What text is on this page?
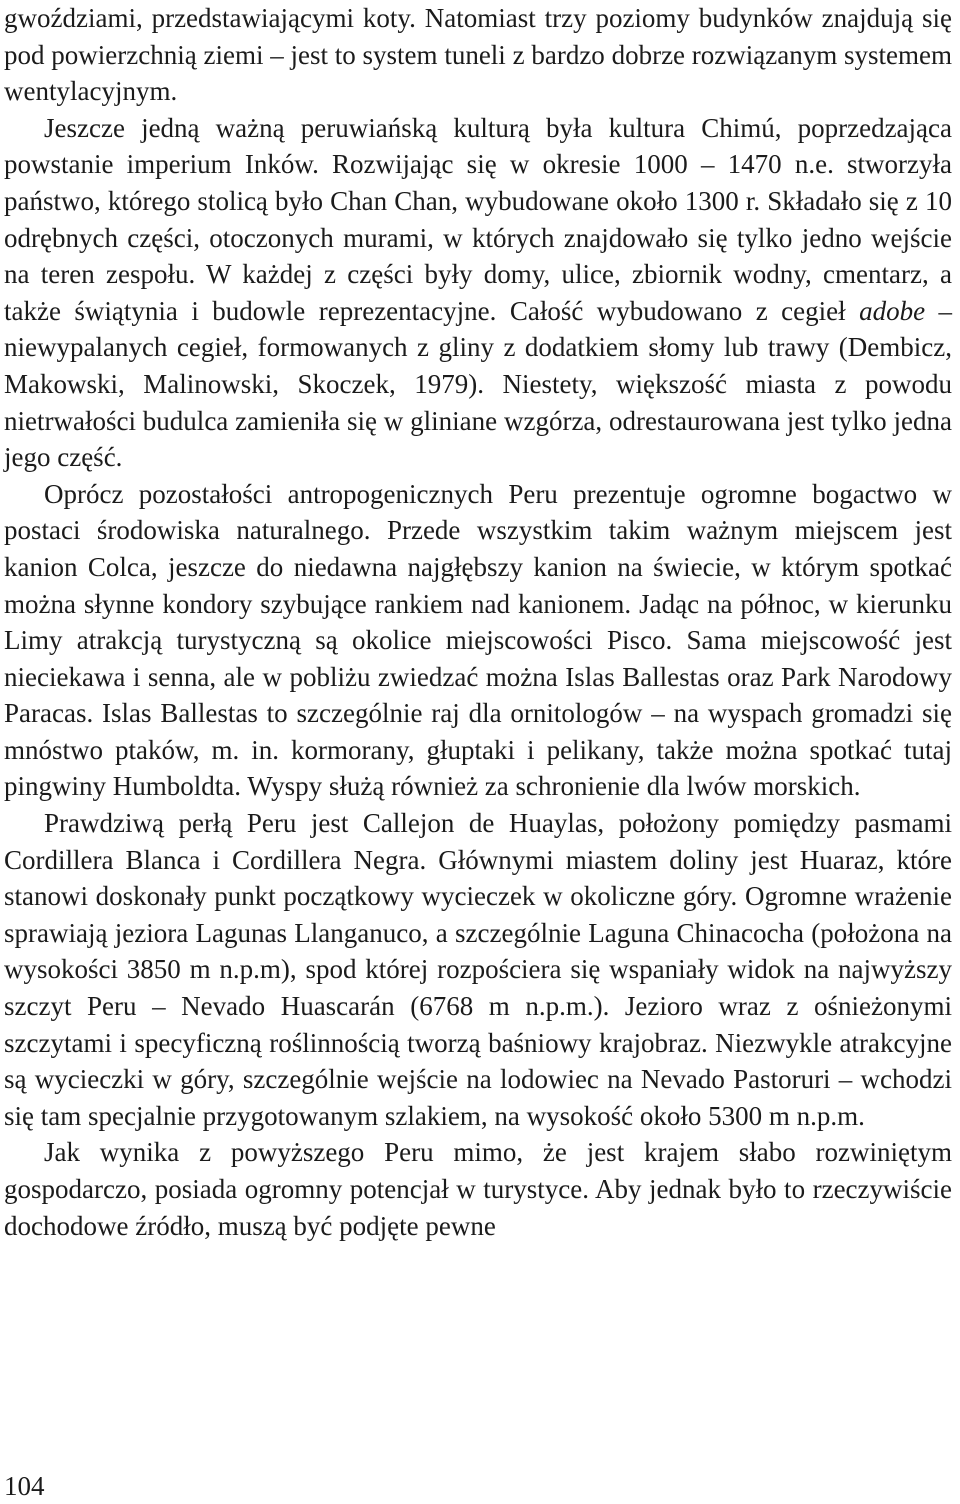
gwoździami, przedstawiającymi koty. Natomiast trzy poziomy budynków znajdują się pod powierzchnią ziemi – jest to system tuneli z bardzo dobrze rozwiązanym systemem wentylacyjnym.

Jeszcze jedną ważną peruwiańską kulturą była kultura Chimú, poprzedzająca powstanie imperium Inków. Rozwijając się w okresie 1000 – 1470 n.e. stworzyła państwo, którego stolicą było Chan Chan, wybudowane około 1300 r. Składało się z 10 odrębnych części, otoczonych murami, w których znajdowało się tylko jedno wejście na teren zespołu. W każdej z części były domy, ulice, zbiornik wodny, cmentarz, a także świątynia i budowle reprezentacyjne. Całość wybudowano z cegieł adobe – niewypalanych cegieł, formowanych z gliny z dodatkiem słomy lub trawy (Dembicz, Makowski, Malinowski, Skoczek, 1979). Niestety, większość miasta z powodu nietrwałości budulca zamieniła się w gliniane wzgórza, odrestaurowana jest tylko jedna jego część.

Oprócz pozostałości antropogenicznych Peru prezentuje ogromne bogactwo w postaci środowiska naturalnego. Przede wszystkim takim ważnym miejscem jest kanion Colca, jeszcze do niedawna najgłębszy kanion na świecie, w którym spotkać można słynne kondory szybujące rankiem nad kanionem. Jadąc na północ, w kierunku Limy atrakcją turystyczną są okolice miejscowości Pisco. Sama miejscowość jest nieciekawa i senna, ale w pobliżu zwiedzać można Islas Ballestas oraz Park Narodowy Paracas. Islas Ballestas to szczególnie raj dla ornitologów – na wyspach gromadzi się mnóstwo ptaków, m. in. kormorany, głuptaki i pelikany, także można spotkać tutaj pingwiny Humboldta. Wyspy służą również za schronienie dla lwów morskich.

Prawdziwą perłą Peru jest Callejon de Huaylas, położony pomiędzy pasmami Cordillera Blanca i Cordillera Negra. Głównymi miastem doliny jest Huaraz, które stanowi doskonały punkt początkowy wycieczek w okoliczne góry. Ogromne wrażenie sprawiają jeziora Lagunas Llanganuco, a szczególnie Laguna Chinacocha (położona na wysokości 3850 m n.p.m), spod której rozpościera się wspaniały widok na najwyższy szczyt Peru – Nevado Huascarán (6768 m n.p.m.). Jezioro wraz z ośnieżonymi szczytami i specyficzną roślinnością tworzą baśniowy krajobraz. Niezwykle atrakcyjne są wycieczki w góry, szczególnie wejście na lodowiec na Nevado Pastoruri – wchodzi się tam specjalnie przygotowanym szlakiem, na wysokość około 5300 m n.p.m.

Jak wynika z powyższego Peru mimo, że jest krajem słabo rozwiniętym gospodarczo, posiada ogromny potencjał w turystyce. Aby jednak było to rzeczywiście dochodowe źródło, muszą być podjęte pewne

104
